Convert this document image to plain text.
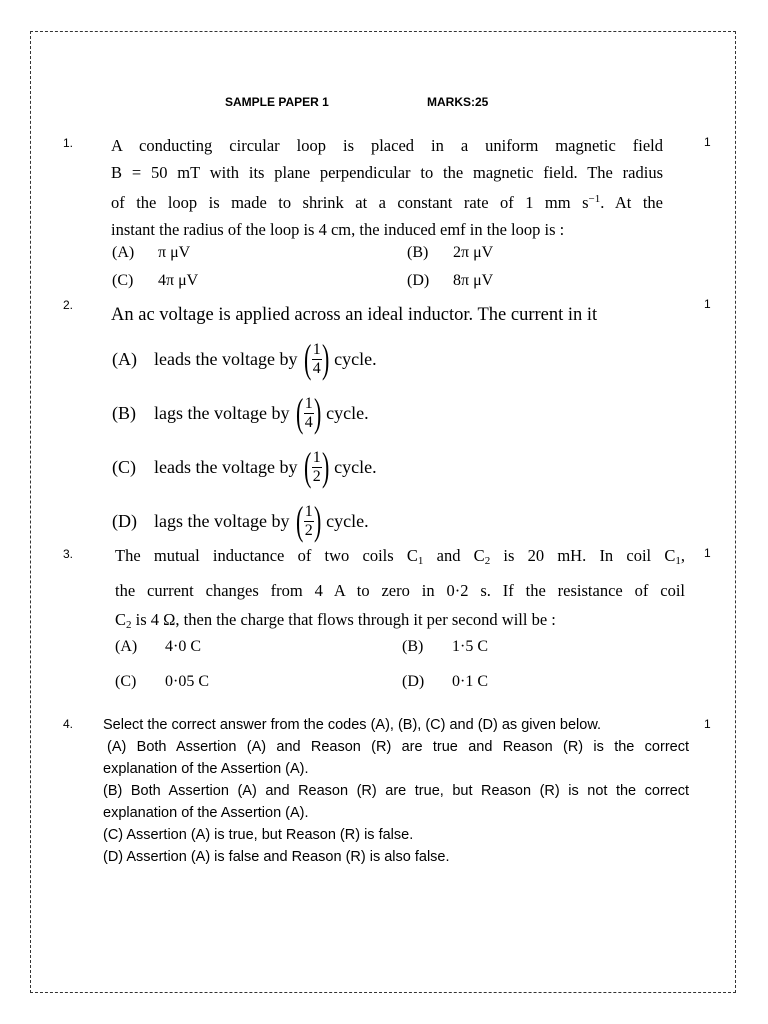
SAMPLE PAPER 1	MARKS:25
1.	1
A conducting circular loop is placed in a uniform magnetic field
B = 50 mT with its plane perpendicular to the magnetic field. The radius
of the loop is made to shrink at a constant rate of 1 mm $s^{-1}$. At the
instant the radius of the loop is 4 cm, the induced emf in the loop is :
(A) π μV	(B) 2π μV
(C) 4π μV	(D) 8π μV
2.	1
An ac voltage is applied across an ideal inductor. The current in it
(A) leads the voltage by ( $\frac{1}{4}$ ) cycle.
(B)	lags the voltage by ( $\frac{1}{4}$ ) cycle.
(C)	leads the voltage by ( $\frac{1}{2}$ ) cycle.
(D) lags the voltage by ( $\frac{1}{2}$ ) cycle.
3.	1
The mutual inductance of two coils $C_1$ and $C_2$ is 20 mH. In coil $C_1$,
the current changes from 4 A to zero in 0·2 s. If the resistance of coil
$C_2$ is 4 Ω, then the charge that flows through it per second will be :
(A) 4·0 C	(B) 1·5 C
(C) 0·05 C	(D) 0·1 C
4.	1
Select the correct answer from the codes (A), (B), (C) and (D) as given below.
(A) Both Assertion (A) and Reason (R) are true and Reason (R) is the correct
explanation of the Assertion (A).
(B) Both Assertion (A) and Reason (R) are true, but Reason (R) is not the correct
explanation of the Assertion (A).
(C) Assertion (A) is true, but Reason (R) is false.
(D) Assertion (A) is false and Reason (R) is also false.
